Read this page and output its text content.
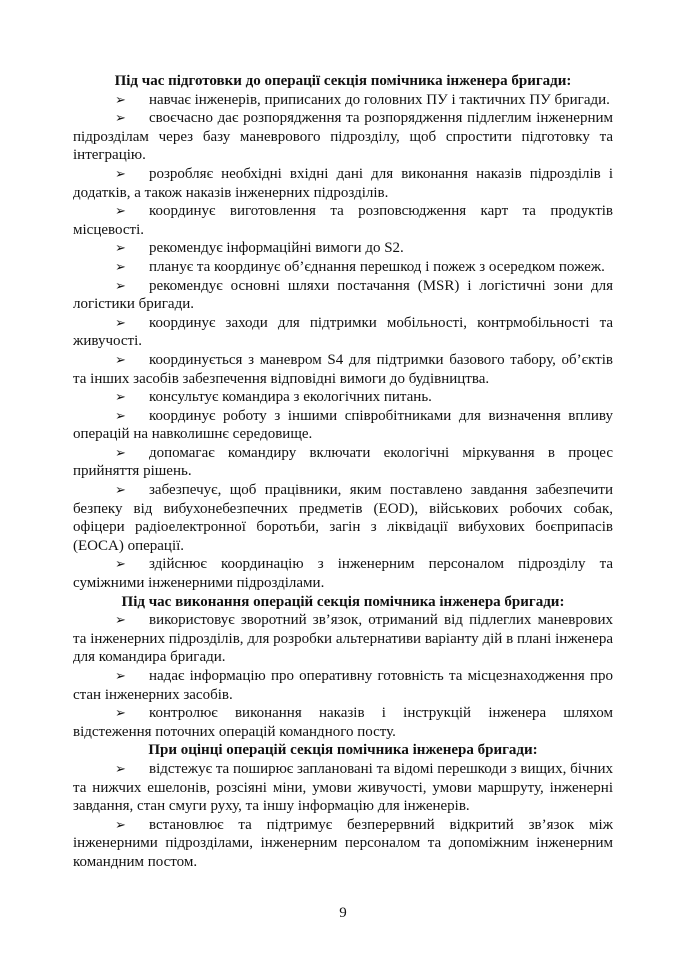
Під час підготовки до операції секція помічника інженера бригади:

➢ навчає інженерів, приписаних до головних ПУ і тактичних ПУ бригади.

➢ своєчасно дає розпорядження та розпорядження підлеглим інженерним підрозділам через базу маневрового підрозділу, щоб спростити підготовку та інтеграцію.

➢ розробляє необхідні вхідні дані для виконання наказів підрозділів і додатків, а також наказів інженерних підрозділів.

➢ координує виготовлення та розповсюдження карт та продуктів місцевості.

➢ рекомендує інформаційні вимоги до S2.

➢ планує та координує об’єднання перешкод і пожеж з осередком пожеж.

➢ рекомендує основні шляхи постачання (MSR) і логістичні зони для логістики бригади.

➢ координує заходи для підтримки мобільності, контрмобільності та живучості.

➢ координується з маневром S4 для підтримки базового табору, об’єктів та інших засобів забезпечення відповідні вимоги до будівництва.

➢ консультує командира з екологічних питань.

➢ координує роботу з іншими співробітниками для визначення впливу операцій на навколишнє середовище.

➢ допомагає командиру включати екологічні міркування в процес прийняття рішень.

➢ забезпечує, щоб працівники, яким поставлено завдання забезпечити безпеку від вибухонебезпечних предметів (EOD), військових робочих собак, офіцери радіоелектронної боротьби, загін з ліквідації вибухових боєприпасів (EOCA) операції.

➢ здійснює координацію з інженерним персоналом підрозділу та суміжними інженерними підрозділами.

Під час виконання операцій секція помічника інженера бригади:

➢ використовує зворотний зв’язок, отриманий від підлеглих маневрових та інженерних підрозділів, для розробки альтернативи варіанту дій в плані інженера для командира бригади.

➢ надає інформацію про оперативну готовність та місцезнаходження про стан інженерних засобів.

➢ контролює виконання наказів і інструкцій інженера шляхом відстеження поточних операцій командного посту.

При оцінці операцій секція помічника інженера бригади:

➢ відстежує та поширює заплановані та відомі перешкоди з вищих, бічних та нижчих ешелонів, розсіяні міни, умови живучості, умови маршруту, інженерні завдання, стан смуги руху, та іншу інформацію для інженерів.

➢ встановлює та підтримує безперервний відкритий зв’язок між інженерними підрозділами, інженерним персоналом та допоміжним інженерним командним постом.

9
